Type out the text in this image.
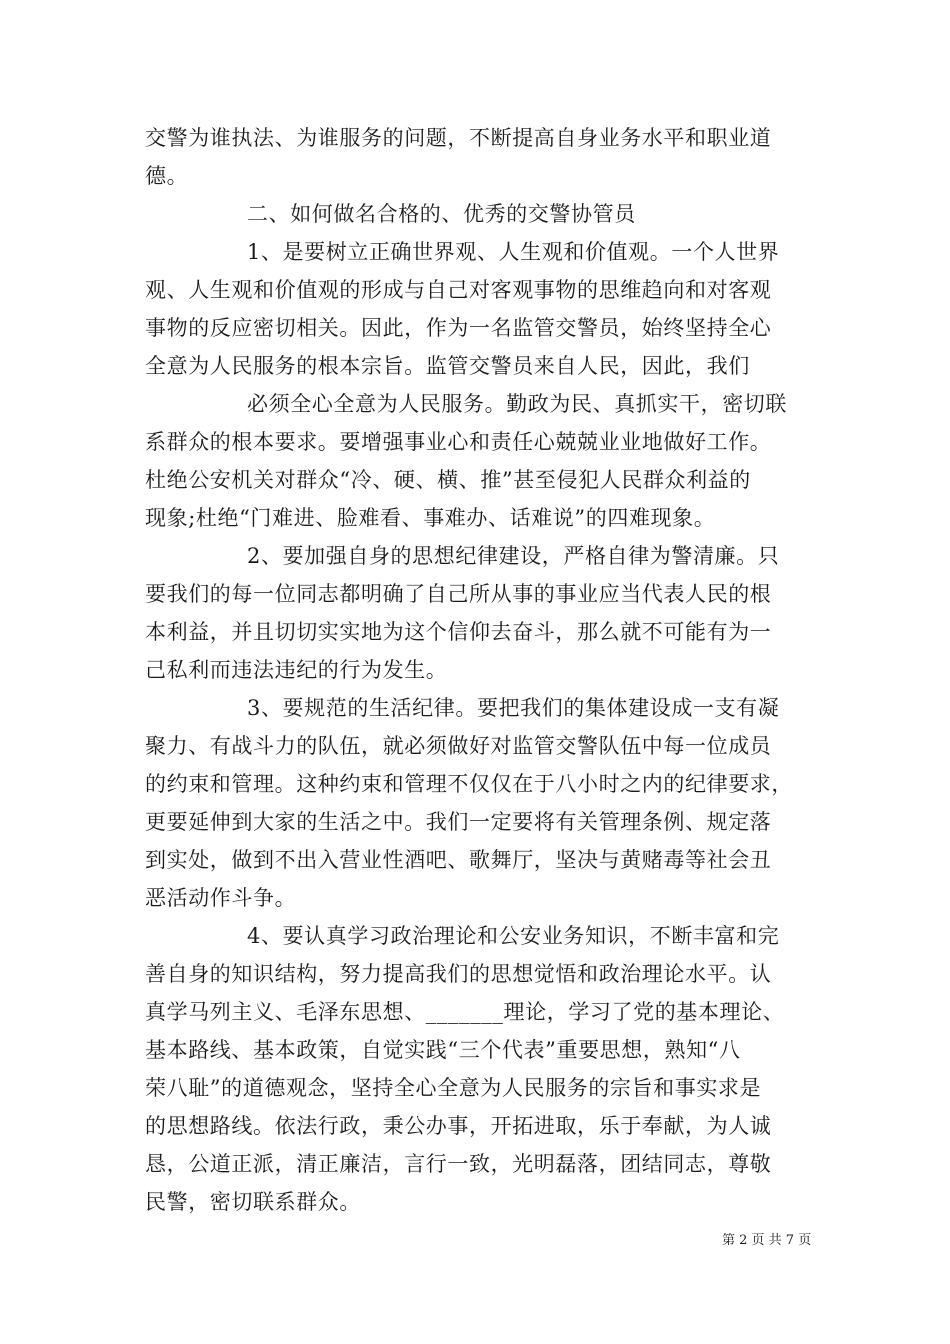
交警为谁执法、为谁服务的问题，不断提高自身业务水平和职业道
德。
二、如何做名合格的、优秀的交警协管员
1、是要树立正确世界观、人生观和价值观。一个人世界
观、人生观和价值观的形成与自己对客观事物的思维趋向和对客观
事物的反应密切相关。因此，作为一名监管交警员，始终坚持全心
全意为人民服务的根本宗旨。监管交警员来自人民，因此，我们
必须全心全意为人民服务。勤政为民、真抓实干，密切联
系群众的根本要求。要增强事业心和责任心兢兢业业地做好工作。
杜绝公安机关对群众“冷、硬、横、推”甚至侵犯人民群众利益的
现象;杜绝“门难进、脸难看、事难办、话难说”的四难现象。
2、要加强自身的思想纪律建设，严格自律为警清廉。只
要我们的每一位同志都明确了自己所从事的事业应当代表人民的根
本利益，并且切切实实地为这个信仰去奋斗，那么就不可能有为一
己私利而违法违纪的行为发生。
3、要规范的生活纪律。要把我们的集体建设成一支有凝
聚力、有战斗力的队伍，就必须做好对监管交警队伍中每一位成员
的约束和管理。这种约束和管理不仅仅在于八小时之内的纪律要求，
更要延伸到大家的生活之中。我们一定要将有关管理条例、规定落
到实处，做到不出入营业性酒吧、歌舞厅，坚决与黄赌毒等社会丑
恶活动作斗争。
4、要认真学习政治理论和公安业务知识，不断丰富和完
善自身的知识结构，努力提高我们的思想觉悟和政治理论水平。认
真学马列主义、毛泽东思想、_______理论，学习了党的基本理论、
基本路线、基本政策，自觉实践“三个代表”重要思想，熟知“八
荣八耻”的道德观念，坚持全心全意为人民服务的宗旨和事实求是
的思想路线。依法行政，秉公办事，开拓进取，乐于奉献，为人诚
恳，公道正派，清正廉洁，言行一致，光明磊落，团结同志，尊敬
民警，密切联系群众。
第 2 页 共 7 页
